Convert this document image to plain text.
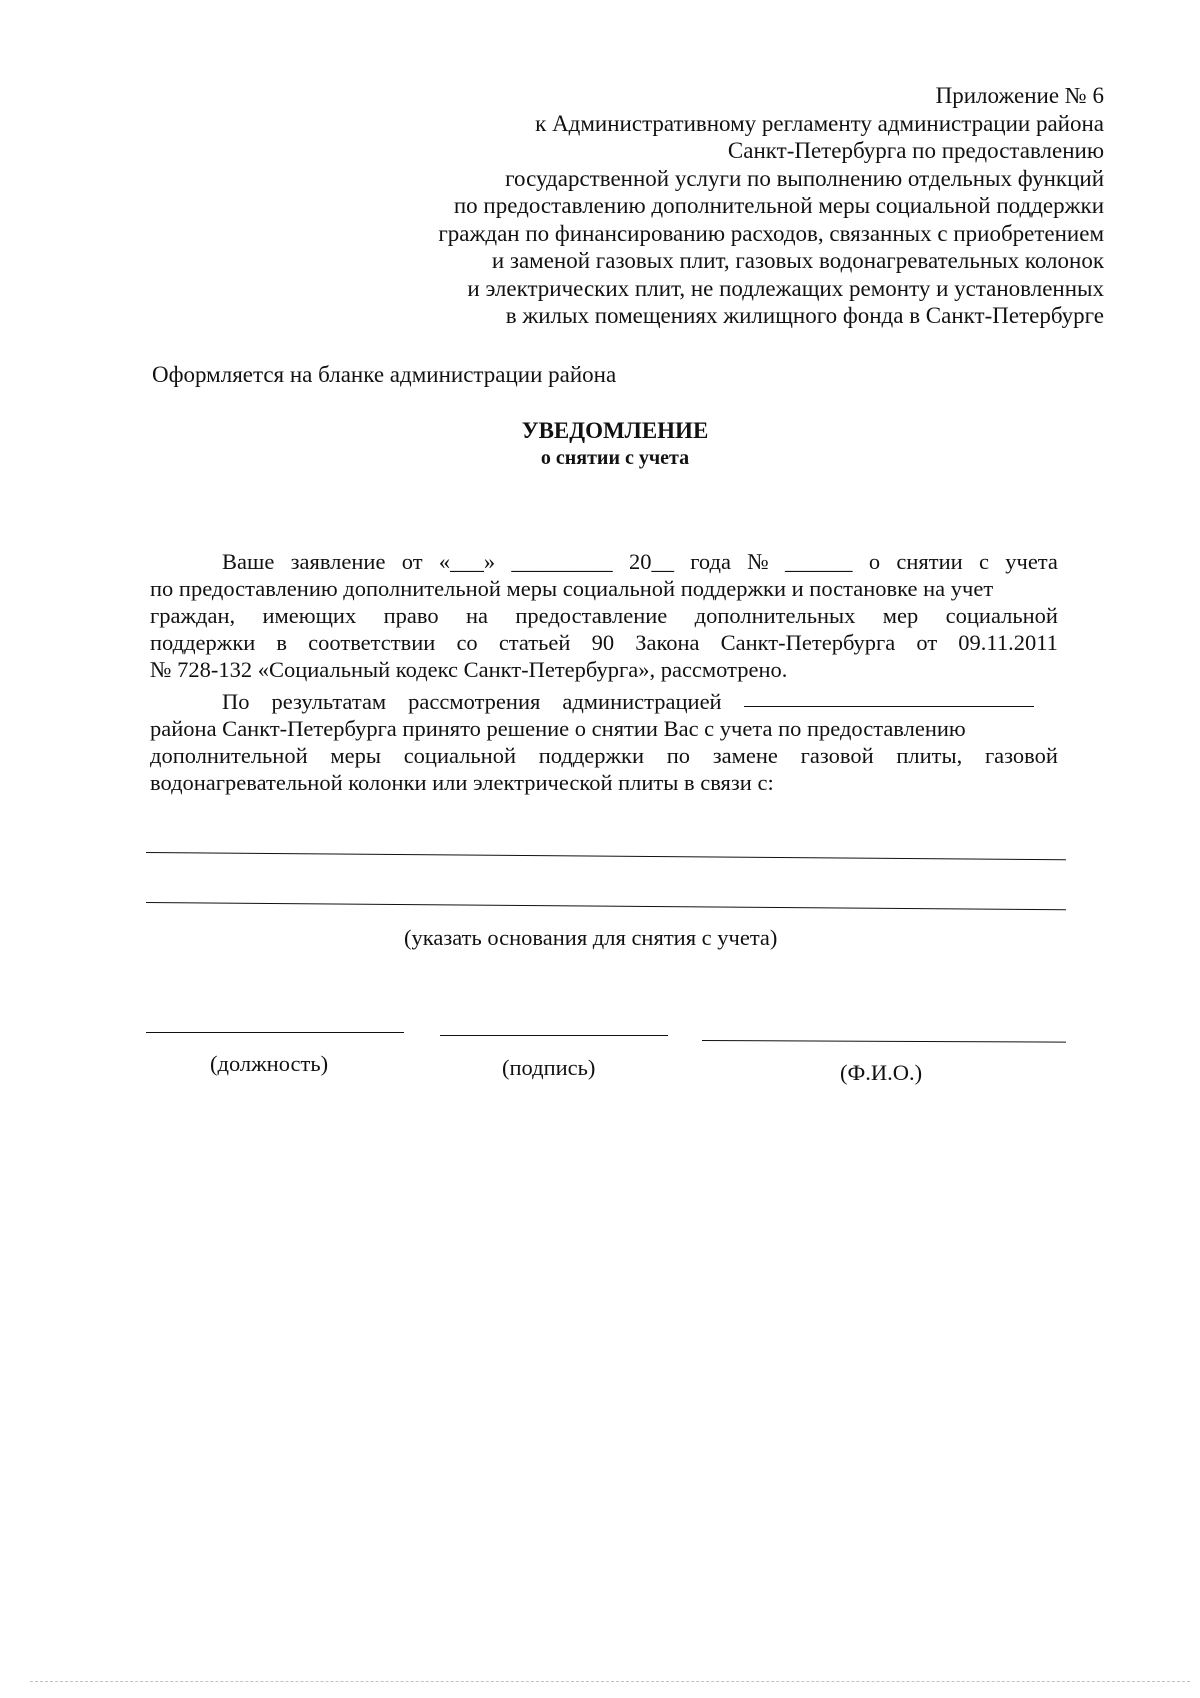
Приложение № 6
к Административному регламенту администрации района
Санкт-Петербурга по предоставлению
государственной услуги по выполнению отдельных функций
по предоставлению дополнительной меры социальной поддержки
граждан по финансированию расходов, связанных с приобретением
и заменой газовых плит, газовых водонагревательных колонок
и электрических плит, не подлежащих ремонту и установленных
в жилых помещениях жилищного фонда в Санкт-Петербурге
Оформляется на бланке администрации района
УВЕДОМЛЕНИЕ
о снятии с учета
Ваше заявление от «___» _________ 20__ года № ______ о снятии с учета
по предоставлению дополнительной меры социальной поддержки и постановке на учет
граждан, имеющих право на предоставление дополнительных мер социальной
поддержки в соответствии со статьей 90 Закона Санкт-Петербурга от 09.11.2011
№ 728-132 «Социальный кодекс Санкт-Петербурга», рассмотрено.
По результатам рассмотрения администрацией
района Санкт-Петербурга принято решение о снятии Вас с учета по предоставлению
дополнительной меры социальной поддержки по замене газовой плиты, газовой
водонагревательной колонки или электрической плиты в связи с:
(указать основания для снятия с учета)
(должность)	(подпись)	(Ф.И.О.)
